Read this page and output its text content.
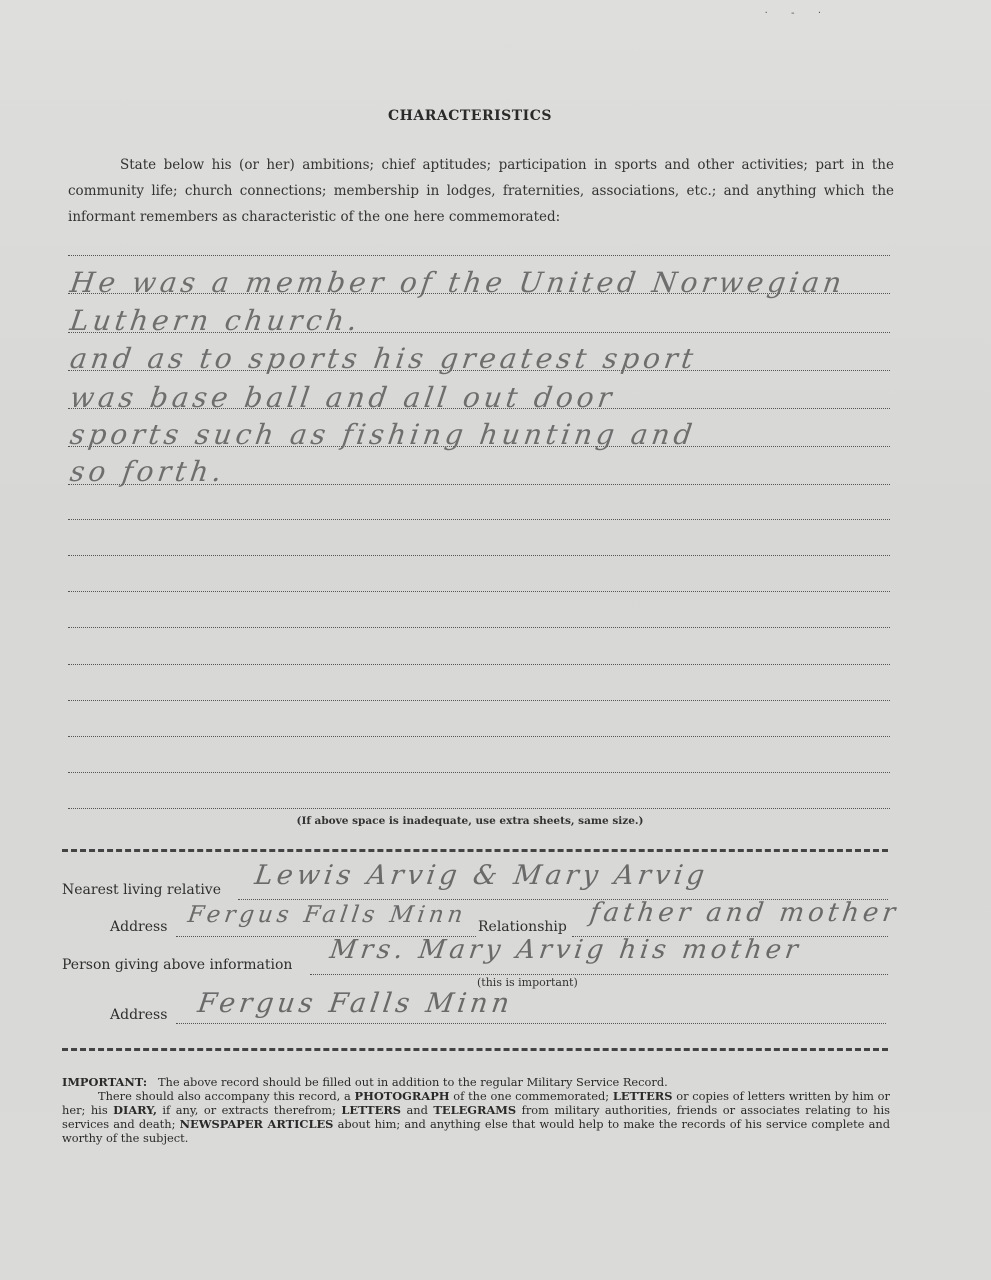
· - ·
CHARACTERISTICS
State below his (or her) ambitions; chief aptitudes; participation in sports and other activities; part in the community life; church connections; membership in lodges, fraternities, associations, etc.; and anything which the informant remembers as characteristic of the one here commemorated:
He was a member of the United Norwegian
Luthern church.
and as to sports his greatest sport
was base ball and all out door
sports such as fishing hunting and
so forth.
(If above space is inadequate, use extra sheets, same size.)
Nearest living relative Lewis Arvig & Mary Arvig
Address Fergus Falls Minn Relationship father and mother
Person giving above information Mrs. Mary Arvig his mother
(this is important)
Address Fergus Falls Minn

IMPORTANT: The above record should be filled out in addition to the regular Military Service Record.

There should also accompany this record, a PHOTOGRAPH of the one commemorated; LETTERS or copies of letters written by him or her; his DIARY, if any, or extracts therefrom; LETTERS and TELEGRAMS from military authorities, friends or associates relating to his services and death; NEWSPAPER ARTICLES about him; and anything else that would help to make the records of his service complete and worthy of the subject.
